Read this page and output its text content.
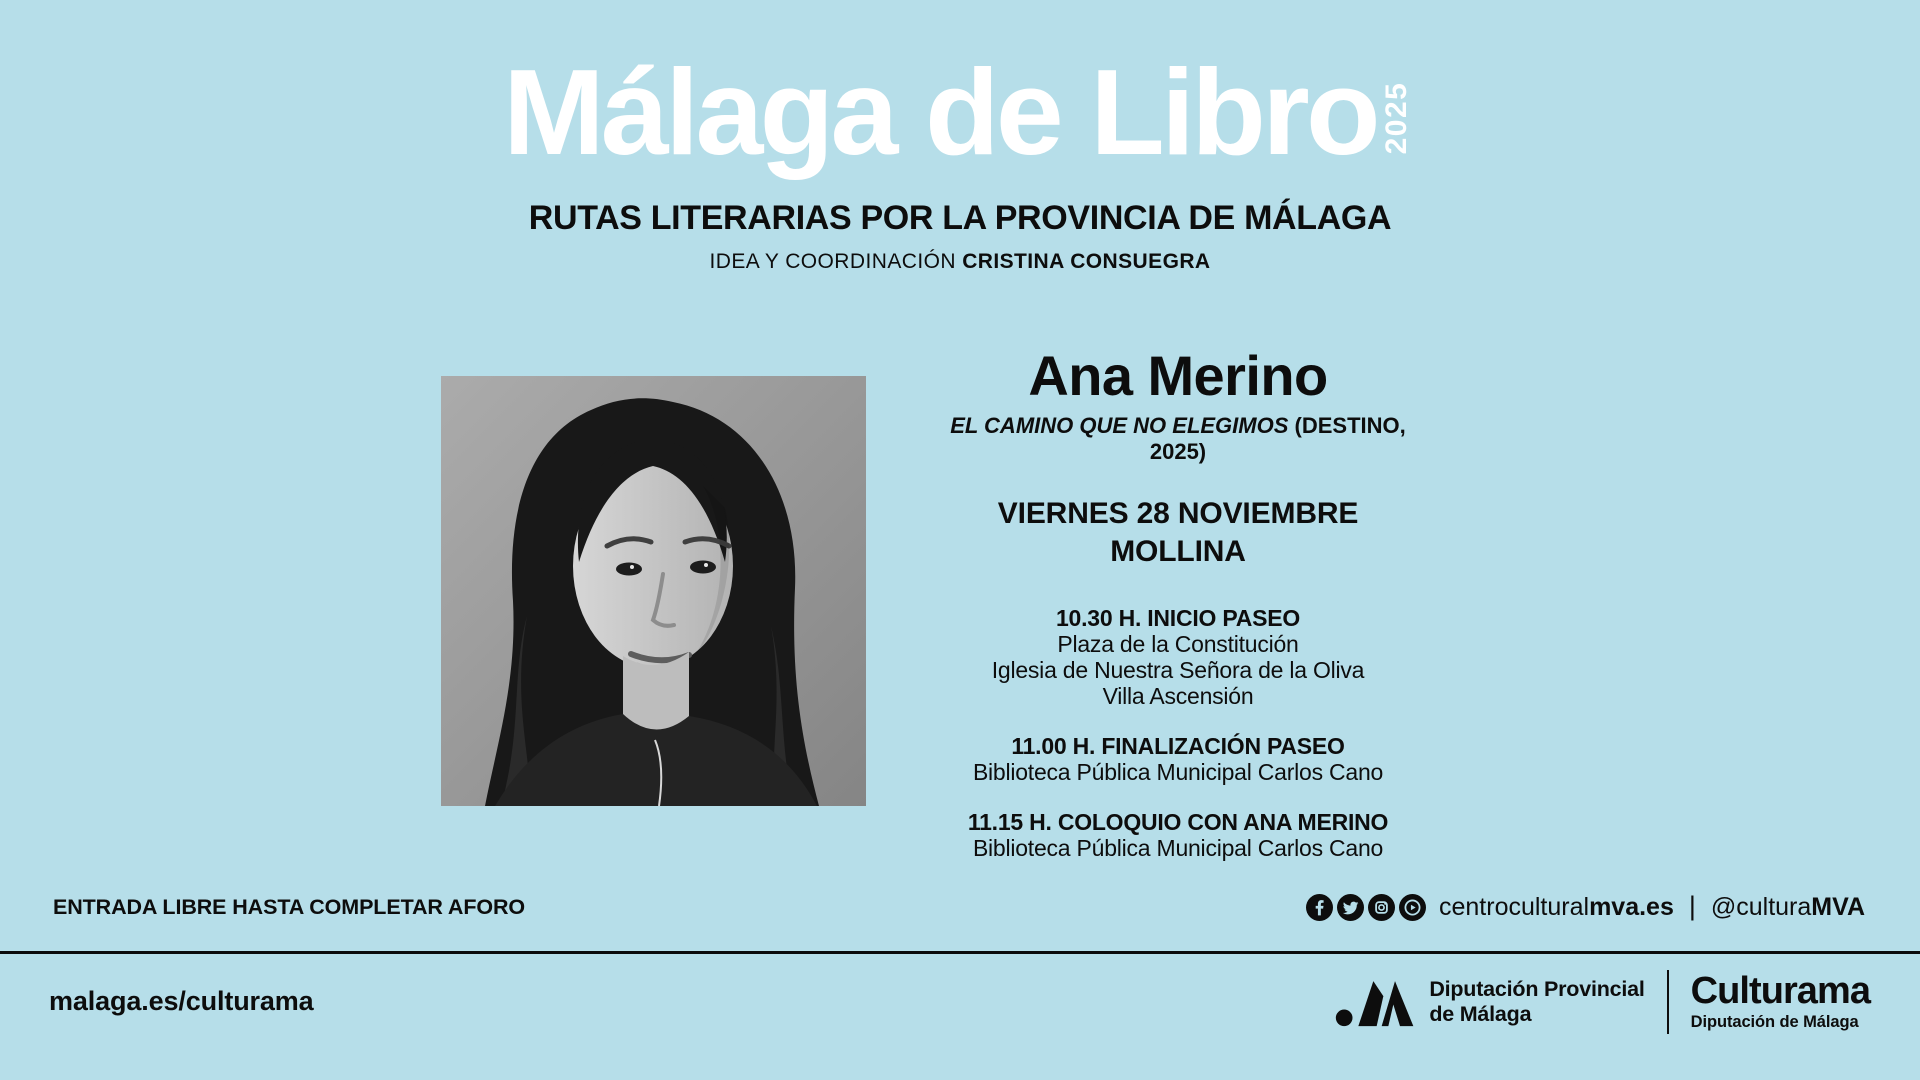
Málaga de Libro 2025
RUTAS LITERARIAS POR LA PROVINCIA DE MÁLAGA
IDEA Y COORDINACIÓN CRISTINA CONSUEGRA
Ana Merino
EL CAMINO QUE NO ELEGIMOS (DESTINO, 2025)
VIERNES 28 NOVIEMBRE
MOLLINA
10.30 H. INICIO PASEO
Plaza de la Constitución
Iglesia de Nuestra Señora de la Oliva
Villa Ascensión
11.00 H. FINALIZACIÓN PASEO
Biblioteca Pública Municipal Carlos Cano
11.15 H. COLOQUIO CON ANA MERINO
Biblioteca Pública Municipal Carlos Cano
ENTRADA LIBRE HASTA COMPLETAR AFORO	centroculturalmva.es | @culturaMVA
malaga.es/culturama	Diputación Provincial
de Málaga
Culturama
Diputación de Málaga
